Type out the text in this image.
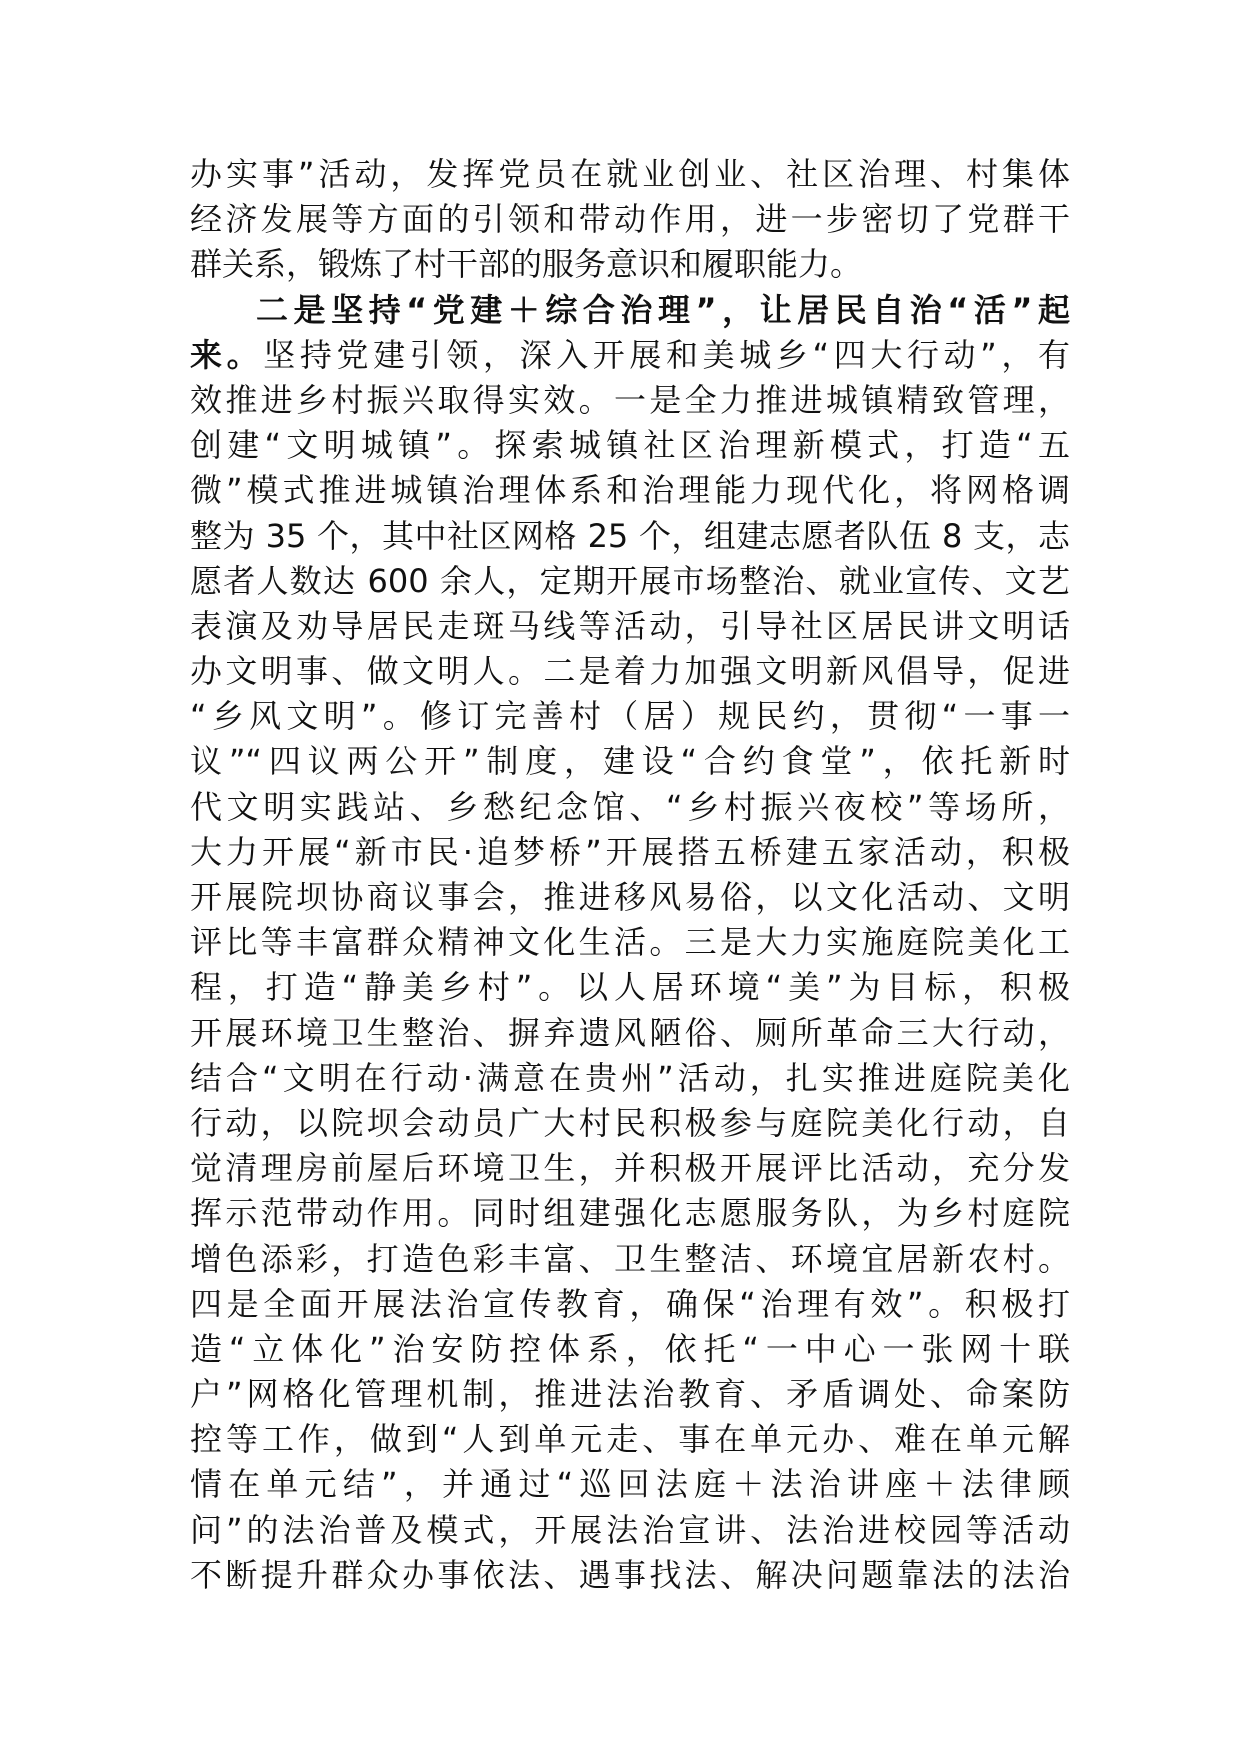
办实事”活动，发挥党员在就业创业、社区治理、村集体
经济发展等方面的引领和带动作用，进一步密切了党群干
群关系，锻炼了村干部的服务意识和履职能力。
二是坚持“党建＋综合治理”，让居民自治“活”起
来。坚持党建引领，深入开展和美城乡“四大行动”，有
效推进乡村振兴取得实效。一是全力推进城镇精致管理，
创建“文明城镇”。探索城镇社区治理新模式，打造“五
微”模式推进城镇治理体系和治理能力现代化，将网格调
整为 35 个，其中社区网格 25 个，组建志愿者队伍 8 支，志
愿者人数达 600 余人，定期开展市场整治、就业宣传、文艺
表演及劝导居民走斑马线等活动，引导社区居民讲文明话
办文明事、做文明人。二是着力加强文明新风倡导，促进
“乡风文明”。修订完善村（居）规民约，贯彻“一事一
议”“四议两公开”制度，建设“合约食堂”，依托新时
代文明实践站、乡愁纪念馆、“乡村振兴夜校”等场所，
大力开展“新市民·追梦桥”开展搭五桥建五家活动，积极
开展院坝协商议事会，推进移风易俗，以文化活动、文明
评比等丰富群众精神文化生活。三是大力实施庭院美化工
程，打造“静美乡村”。以人居环境“美”为目标，积极
开展环境卫生整治、摒弃遗风陋俗、厕所革命三大行动，
结合“文明在行动·满意在贵州”活动，扎实推进庭院美化
行动，以院坝会动员广大村民积极参与庭院美化行动，自
觉清理房前屋后环境卫生，并积极开展评比活动，充分发
挥示范带动作用。同时组建强化志愿服务队，为乡村庭院
增色添彩，打造色彩丰富、卫生整洁、环境宜居新农村。
四是全面开展法治宣传教育，确保“治理有效”。积极打
造“立体化”治安防控体系，依托“一中心一张网十联
户”网格化管理机制，推进法治教育、矛盾调处、命案防
控等工作，做到“人到单元走、事在单元办、难在单元解
情在单元结”，并通过“巡回法庭＋法治讲座＋法律顾
问”的法治普及模式，开展法治宣讲、法治进校园等活动
不断提升群众办事依法、遇事找法、解决问题靠法的法治
